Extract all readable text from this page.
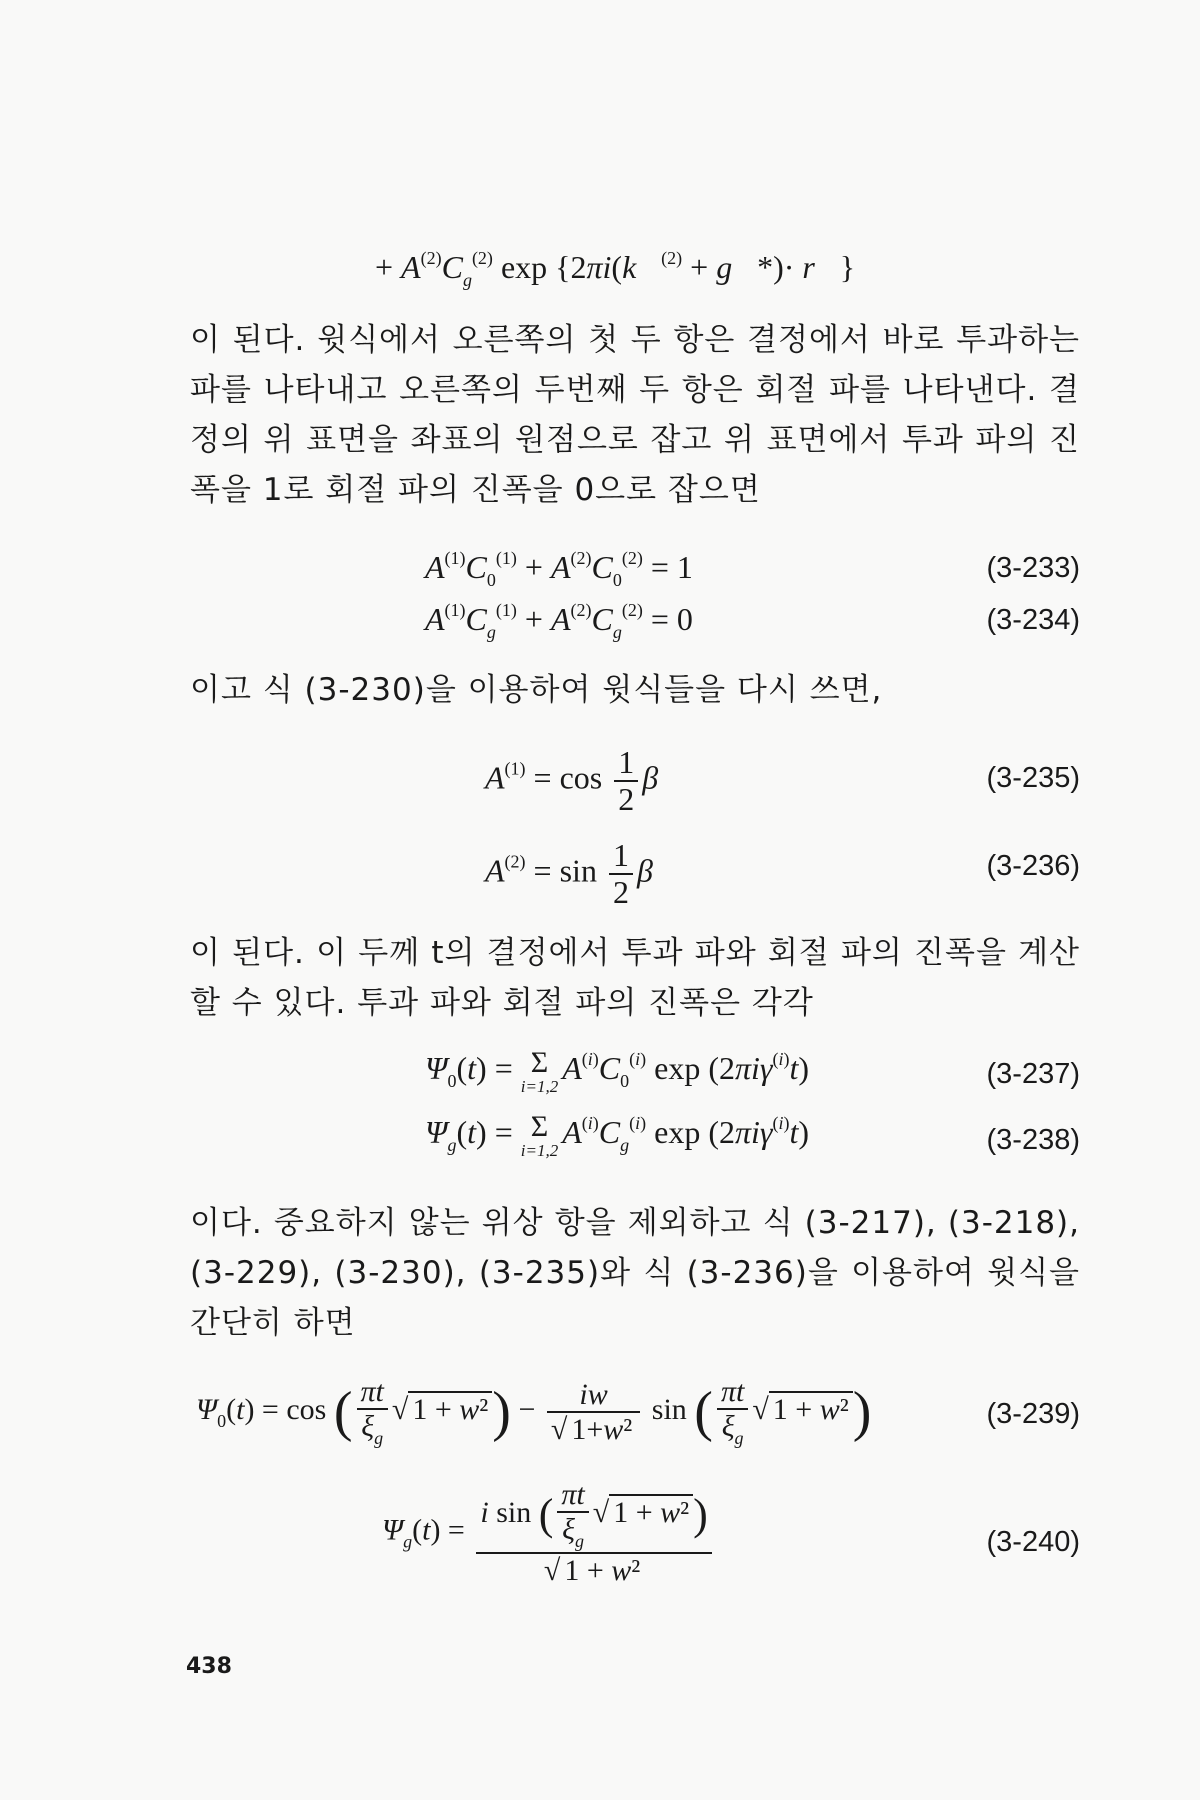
+ $A^{(2)}C_g^{(2)}$ exp {2πi(k⃗$^{(2)}$ + g⃗*)· r⃗}
이 된다. 윗식에서 오른쪽의 첫 두 항은 결정에서 바로 투과하는 파를 나타내고 오른쪽의 두번째 두 항은 회절 파를 나타낸다. 결정의 위 표면을 좌표의 원점으로 잡고 위 표면에서 투과 파의 진폭을 1로 회절 파의 진폭을 0으로 잡으면
$A^{(1)}C_0^{(1)} + A^{(2)}C_0^{(2)} = 1$	(3-233)
$A^{(1)}C_g^{(1)} + A^{(2)}C_g^{(2)} = 0$	(3-234)
이고 식 (3-230)을 이용하여 윗식들을 다시 쓰면,
$A^{(1)} = \cos \frac{1}{2}$ β	(3-235)
$A^{(2)} = \sin \frac{1}{2}$ β	(3-236)
이 된다. 이 두께 t의 결정에서 투과 파와 회절 파의 진폭을 계산할 수 있다. 투과 파와 회절 파의 진폭은 각각
$\Psi_0(t) = \Sigma$
i=1,2
$A^{(i)}C_0^{(i)}$ exp (2πiγ$^{(i)}$t)	(3-237)
$\Psi_g(t) = \Sigma$
i=1,2
$A^{(i)}C_g^{(i)}$ exp (2πiγ$^{(i)}$t)	(3-238)
이다. 중요하지 않는 위상 항을 제외하고 식 (3-217), (3-218), (3-229), (3-230), (3-235)와 식 (3-236)을 이용하여 윗식을 간단히 하면
$\Psi_0(t) = \cos$ ( $\frac{\pi t}{\xi_g}$ √ $1 + w^2) - \frac{iw}{\text{√ 1+w²}}$ sin ( $\frac{\pi t}{\xi_g}$ √ 1 + w²)	(3-239)
$\Psi_g(t) = \frac{i \sin ( \frac{\pi t}{\xi_g} √ 1 + w^2)}{\text{√ 1 + w²}}$	(3-240)
438
